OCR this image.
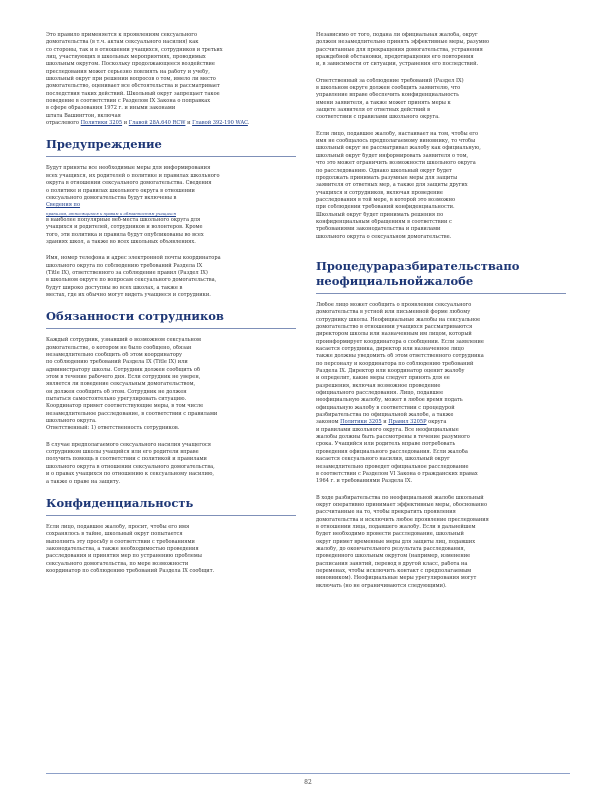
Это правило применяется к проявлениям сексуального
домогательства (в т.ч. актам сексуального насилия) как
со стороны, так и в отношении учащихся, сотрудников и третьих
лиц, участвующих в школьных мероприятиях, проводимых
школьным округом. Поскольку продолжающееся воздействие
преследования может серьезно повлиять на работу и учебу,
школьный округ при решении вопросов о том, имело ли место
домогательство, оценивает все обстоятельства и рассматривает
последствия таких действий. Школьный округ запрещает такое
поведение в соответствии с Разделом IX Закона о поправках
в сфере образования 1972 г. и иными законами
штата Вашингтон, включая
отраслевого Политики 3205 и Главой 28A.640 RCW и Главой 392-190 WAC.
Предупреждение
Будут приняты все необходимые меры для информирования
всех учащихся, их родителей о политике и правилах школьного
округа в отношении сексуального домогательства. Сведения
о политике и правилах школьного округа в отношении
сексуального домогательства будут включены в
Сведения по
правилам, относящимся к правам и обязанностям учащихся
в наиболее популярные веб-места школьного округа для
учащихся и родителей, сотрудников и волонтеров. Кроме
того, эти политика и правила будут опубликованы во всех
зданиях школ, а также во всех школьных объявлениях.
Имя, номер телефона и адрес электронной почты координатора
школьного округа по соблюдению требований Раздела IX
(Title IX), ответственного за соблюдение правил (Раздел IX)
в школьном округе по вопросам сексуального домогательства,
будут широко доступны во всех школах, а также в
местах, где их обычно могут видеть учащиеся и сотрудники.
Обязанности сотрудников
Каждый сотрудник, узнавший о возможном сексуальном
домогательстве, о котором не было сообщено, обязан
незамедлительно сообщить об этом координатору
по соблюдению требований Раздела IX (Title IX) или
администратору школы. Сотрудник должен сообщить об
этом в течение рабочего дня. Если сотрудник не уверен,
является ли поведение сексуальным домогательством,
он должен сообщить об этом. Сотрудник не должен
пытаться самостоятельно урегулировать ситуацию.
Координатор примет соответствующие меры, в том числе
незамедлительное расследование, в соответствии с правилами
школьного округа.
Ответственный: 1) ответственность сотрудников.
В случае предполагаемого сексуального насилия учащегося
сотрудником школы учащийся или его родители вправе
получить помощь в соответствии с политикой и правилами
школьного округа в отношении сексуального домогательства,
и о правах учащихся по отношению к сексуальному насилию,
а также о праве на защиту.
Конфиденциальность
Если лицо, подавшее жалобу, просит, чтобы его имя
сохранялось в тайне, школьный округ попытается
выполнить эту просьбу в соответствии с требованиями
законодательства, а также необходимостью проведения
расследования и принятия мер по устранению проблемы
сексуального домогательства, по мере возможности
координатор по соблюдению требований Раздела IX сообщит.
Независимо от того, подана ли официальная жалоба, округ
должен незамедлительно принять эффективные меры, разумно
рассчитанные для прекращения домогательства, устранения
враждебной обстановки, предотвращения его повторения
и, в зависимости от ситуации, устранения его последствий.
Ответственный за соблюдение требований (Раздел IX)
в школьном округе должен сообщить заявителю, что
управление вправе обеспечить конфиденциальность
имени заявителя, а также может принять меры к
защите заявителя от ответных действий в
соответствии с правилами школьного округа.
Если лицо, подавшее жалобу, настаивает на том, чтобы его
имя не сообщалось предполагаемому виновнику, то чтобы
школьный округ не рассматривал жалобу как официальную,
школьный округ будет информировать заявителя о том,
что это может ограничить возможности школьного округа
по расследованию. Однако школьный округ будет
продолжать принимать разумные меры для защиты
заявителя от ответных мер, а также для защиты других
учащихся и сотрудников, включая проведение
расследования в той мере, в которой это возможно
при соблюдении требований конфиденциальности.
Школьный округ будет принимать решения по
конфиденциальным обращениям в соответствии с
требованиями законодательства и правилами
школьного округа о сексуальном домогательстве.
Процедура разбирательства по
неофициальной жалобе
Любое лицо может сообщить о проявлении сексуального
домогательства в устной или письменной форме любому
сотруднику школы. Неофициальные жалобы на сексуальное
домогательство в отношении учащихся рассматриваются
директором школы или назначенным им лицом, который
проинформирует координатора о сообщении. Если заявление
касается сотрудника, директор или назначенное лицо
также должны уведомить об этом ответственного сотрудника
по персоналу и координатора по соблюдению требований
Раздела IX. Директор или координатор оценит жалобу
и определит, какие меры следует принять для ее
разрешения, включая возможное проведение
официального расследования. Лицо, подавшее
неофициальную жалобу, может в любое время подать
официальную жалобу в соответствии с процедурой
разбирательства по официальной жалобе, а также
законом Политики 3205 и Правил 3205P округа
и правилами школьного округа. Все неофициальные
жалобы должны быть рассмотрены в течение разумного
срока. Учащийся или родитель вправе потребовать
проведения официального расследования. Если жалоба
касается сексуального насилия, школьный округ
незамедлительно проведет официальное расследование
в соответствии с Разделом VI Закона о гражданских правах
1964 г. и требованиями Раздела IX.
В ходе разбирательства по неофициальной жалобе школьный
округ оперативно принимает эффективные меры, обоснованно
рассчитанные на то, чтобы прекратить проявления
домогательства и исключить любое проявление преследования
в отношении лица, подавшего жалобу. Если в дальнейшем
будет необходимо провести расследование, школьный
округ примет временные меры для защиты лиц, подавших
жалобу, до окончательного результата расследования,
проведенного школьным округом (например, изменение
расписания занятий, перевод в другой класс, работа на
переменах, чтобы исключить контакт с предполагаемым
виновником). Неофициальные меры урегулирования могут
включать (но не ограничиваются следующими).
82
